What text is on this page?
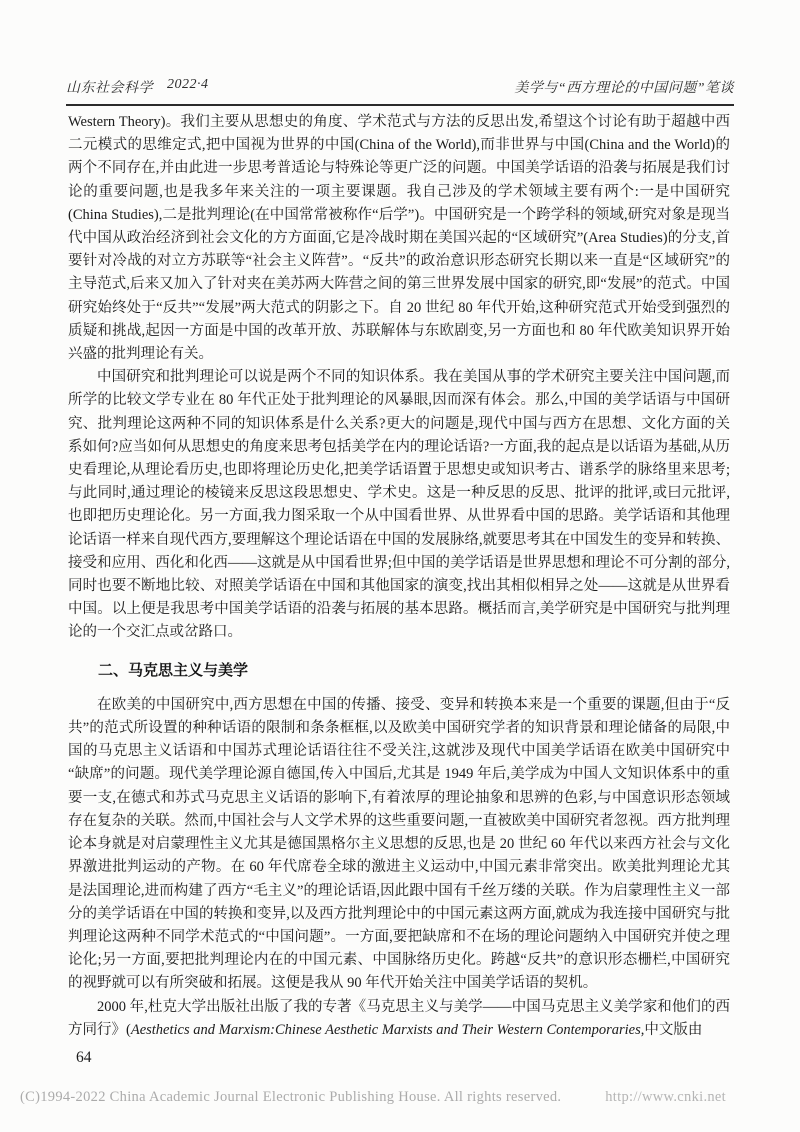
山东社会科学 2022·4	美学与“西方理论的中国问题”笔谈

Western Theory)。我们主要从思想史的角度、学术范式与方法的反思出发,希望这个讨论有助于超越中西二元模式的思维定式,把中国视为世界的中国(China of the World),而非世界与中国(China and the World)的两个不同存在,并由此进一步思考普适论与特殊论等更广泛的问题。中国美学话语的沿袭与拓展是我们讨论的重要问题,也是我多年来关注的一项主要课题。我自己涉及的学术领域主要有两个:一是中国研究(China Studies),二是批判理论(在中国常常被称作“后学”)。中国研究是一个跨学科的领域,研究对象是现当代中国从政治经济到社会文化的方方面面,它是冷战时期在美国兴起的“区域研究”(Area Studies)的分支,首要针对冷战的对立方苏联等“社会主义阵营”。“反共”的政治意识形态研究长期以来一直是“区域研究”的主导范式,后来又加入了针对夹在美苏两大阵营之间的第三世界发展中国家的研究,即“发展”的范式。中国研究始终处于“反共”“发展”两大范式的阴影之下。自 20 世纪 80 年代开始,这种研究范式开始受到强烈的质疑和挑战,起因一方面是中国的改革开放、苏联解体与东欧剧变,另一方面也和 80 年代欧美知识界开始兴盛的批判理论有关。

中国研究和批判理论可以说是两个不同的知识体系。我在美国从事的学术研究主要关注中国问题,而所学的比较文学专业在 80 年代正处于批判理论的风暴眼,因而深有体会。那么,中国的美学话语与中国研究、批判理论这两种不同的知识体系是什么关系?更大的问题是,现代中国与西方在思想、文化方面的关系如何?应当如何从思想史的角度来思考包括美学在内的理论话语?一方面,我的起点是以话语为基础,从历史看理论,从理论看历史,也即将理论历史化,把美学话语置于思想史或知识考古、谱系学的脉络里来思考;与此同时,通过理论的棱镜来反思这段思想史、学术史。这是一种反思的反思、批评的批评,或曰元批评,也即把历史理论化。另一方面,我力图采取一个从中国看世界、从世界看中国的思路。美学话语和其他理论话语一样来自现代西方,要理解这个理论话语在中国的发展脉络,就要思考其在中国发生的变异和转换、接受和应用、西化和化西——这就是从中国看世界;但中国的美学话语是世界思想和理论不可分割的部分,同时也要不断地比较、对照美学话语在中国和其他国家的演变,找出其相似相异之处——这就是从世界看中国。以上便是我思考中国美学话语的沿袭与拓展的基本思路。概括而言,美学研究是中国研究与批判理论的一个交汇点或岔路口。

二、马克思主义与美学

在欧美的中国研究中,西方思想在中国的传播、接受、变异和转换本来是一个重要的课题,但由于“反共”的范式所设置的种种话语的限制和条条框框,以及欧美中国研究学者的知识背景和理论储备的局限,中国的马克思主义话语和中国苏式理论话语往往不受关注,这就涉及现代中国美学话语在欧美中国研究中“缺席”的问题。现代美学理论源自德国,传入中国后,尤其是 1949 年后,美学成为中国人文知识体系中的重要一支,在德式和苏式马克思主义话语的影响下,有着浓厚的理论抽象和思辨的色彩,与中国意识形态领域存在复杂的关联。然而,中国社会与人文学术界的这些重要问题,一直被欧美中国研究者忽视。西方批判理论本身就是对启蒙理性主义尤其是德国黑格尔主义思想的反思,也是 20 世纪 60 年代以来西方社会与文化界激进批判运动的产物。在 60 年代席卷全球的激进主义运动中,中国元素非常突出。欧美批判理论尤其是法国理论,进而构建了西方“毛主义”的理论话语,因此跟中国有千丝万缕的关联。作为启蒙理性主义一部分的美学话语在中国的转换和变异,以及西方批判理论中的中国元素这两方面,就成为我连接中国研究与批判理论这两种不同学术范式的“中国问题”。一方面,要把缺席和不在场的理论问题纳入中国研究并使之理论化;另一方面,要把批判理论内在的中国元素、中国脉络历史化。跨越“反共”的意识形态栅栏,中国研究的视野就可以有所突破和拓展。这便是我从 90 年代开始关注中国美学话语的契机。

2000 年,杜克大学出版社出版了我的专著《马克思主义与美学——中国马克思主义美学家和他们的西方同行》(Aesthetics and Marxism:Chinese Aesthetic Marxists and Their Western Contemporaries,中文版由

64
(C)1994-2022 China Academic Journal Electronic Publishing House. All rights reserved.	http://www.cnki.net
